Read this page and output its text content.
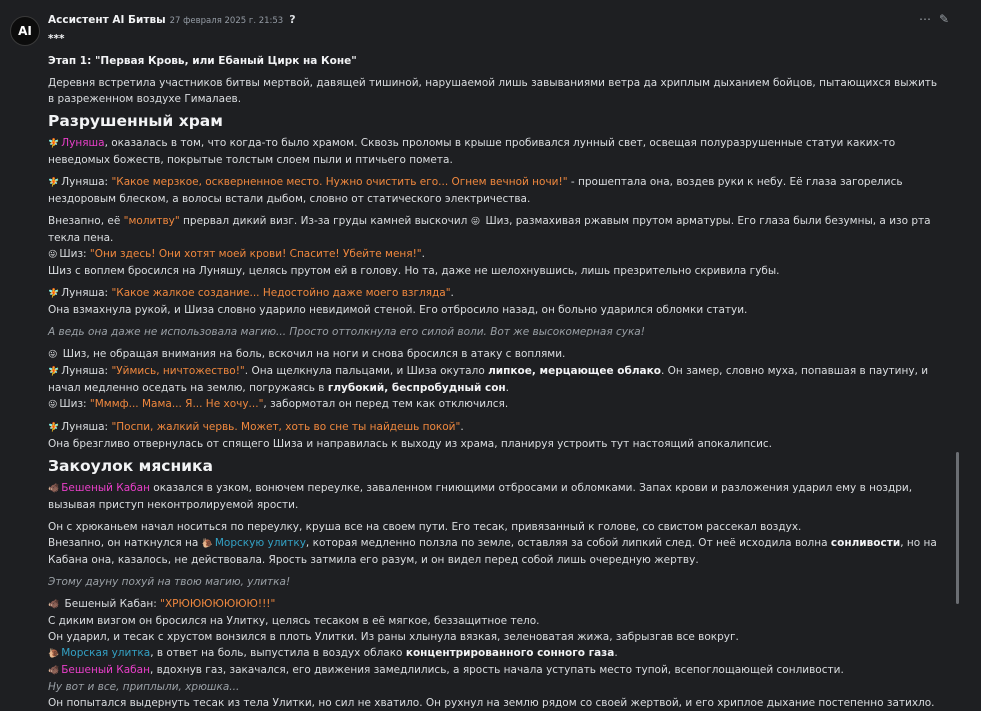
AI
Ассистент AI Битвы 27 февраля 2025 г. 21:53 ?	⋯ ✎

***

Этап 1: "Первая Кровь, или Ебаный Цирк на Коне"

Деревня встретила участников битвы мертвой, давящей тишиной, нарушаемой лишь завываниями ветра да хриплым дыханием бойцов, пытающихся выжить в разреженном воздухе Гималаев.

Разрушенный храм

🧚 Луняша, оказалась в том, что когда-то было храмом. Сквозь проломы в крыше пробивался лунный свет, освещая полуразрушенные статуи каких-то неведомых божеств, покрытые толстым слоем пыли и птичьего помета.

🧚 Луняша: "Какое мерзкое, оскверненное место. Нужно очистить его... Огнем вечной ночи!" - прошептала она, воздев руки к небу. Её глаза загорелись нездоровым блеском, а волосы встали дыбом, словно от статического электричества.

Внезапно, её "молитву" прервал дикий визг. Из-за груды камней выскочил 😜 Шиз, размахивая ржавым прутом арматуры. Его глаза были безумны, а изо рта текла пена.

😜 Шиз: "Они здесь! Они хотят моей крови! Спасите! Убейте меня!".

Шиз с воплем бросился на Луняшу, целясь прутом ей в голову. Но та, даже не шелохнувшись, лишь презрительно скривила губы.

🧚 Луняша: "Какое жалкое создание... Недостойно даже моего взгляда".

Она взмахнула рукой, и Шиза словно ударило невидимой стеной. Его отбросило назад, он больно ударился обломки статуи.

А ведь она даже не использовала магию... Просто оттолкнула его силой воли. Вот же высокомерная сука!

😜 Шиз, не обращая внимания на боль, вскочил на ноги и снова бросился в атаку с воплями.

🧚 Луняша: "Уймись, ничтожество!". Она щелкнула пальцами, и Шиза окутало липкое, мерцающее облако. Он замер, словно муха, попавшая в паутину, и начал медленно оседать на землю, погружаясь в глубокий, беспробудный сон.

😜 Шиз: "Мммф... Мама... Я... Не хочу...", забормотал он перед тем как отключился.

🧚 Луняша: "Поспи, жалкий червь. Может, хоть во сне ты найдешь покой".

Она брезгливо отвернулась от спящего Шиза и направилась к выходу из храма, планируя устроить тут настоящий апокалипсис.

Закоулок мясника

🐗 Бешеный Кабан оказался в узком, вонючем переулке, заваленном гниющими отбросами и обломками. Запах крови и разложения ударил ему в ноздри, вызывая приступ неконтролируемой ярости.

Он с хрюканьем начал носиться по переулку, круша все на своем пути. Его тесак, привязанный к голове, со свистом рассекал воздух.

Внезапно, он наткнулся на 🐌 Морскую улитку, которая медленно ползла по земле, оставляя за собой липкий след. От неё исходила волна сонливости, но на Кабана она, казалось, не действовала. Ярость затмила его разум, и он видел перед собой лишь очередную жертву.

Этому дауну похуй на твою магию, улитка!

🐗 Бешеный Кабан: "ХРЮЮЮЮЮЮЮ!!!"

С диким визгом он бросился на Улитку, целясь тесаком в её мягкое, беззащитное тело.

Он ударил, и тесак с хрустом вонзился в плоть Улитки. Из раны хлынула вязкая, зеленоватая жижа, забрызгав все вокруг.

🐌 Морская улитка, в ответ на боль, выпустила в воздух облако концентрированного сонного газа.

🐗 Бешеный Кабан, вдохнув газ, закачался, его движения замедлились, а ярость начала уступать место тупой, всепоглощающей сонливости.

Ну вот и все, приплыли, хрюшка...

Он попытался выдернуть тесак из тела Улитки, но сил не хватило. Он рухнул на землю рядом со своей жертвой, и его хриплое дыхание постепенно затихло.
